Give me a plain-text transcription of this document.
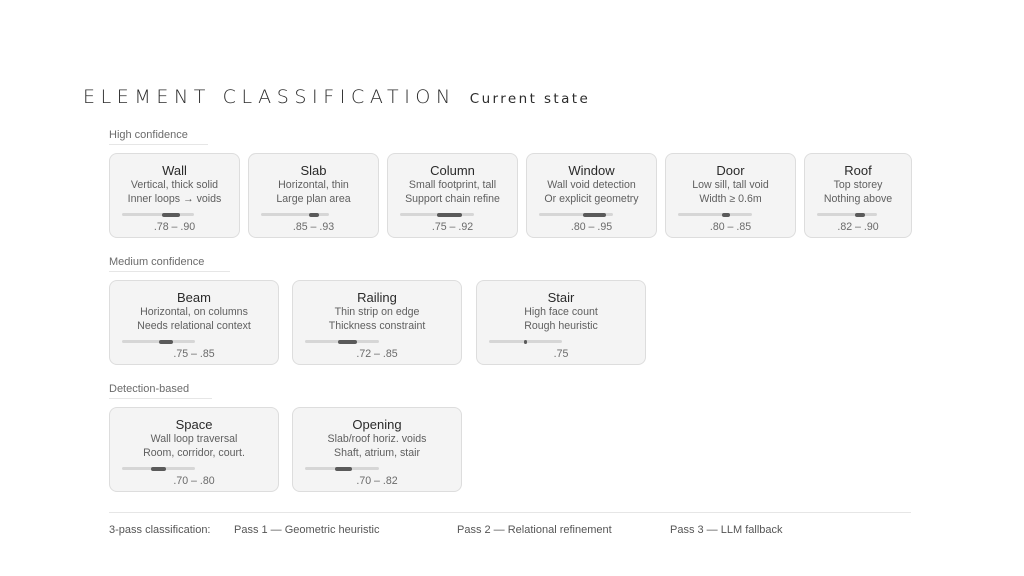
ELEMENT CLASSIFICATION Current state
High confidence
Wall
Vertical, thick solid
Inner loops → voids
.78 – .90
Slab
Horizontal, thin
Large plan area
.85 – .93
Column
Small footprint, tall
Support chain refine
.75 – .92
Window
Wall void detection
Or explicit geometry
.80 – .95
Door
Low sill, tall void
Width ≥ 0.6m
.80 – .85
Roof
Top storey
Nothing above
.82 – .90
Medium confidence
Beam
Horizontal, on columns
Needs relational context
.75 – .85
Railing
Thin strip on edge
Thickness constraint
.72 – .85
Stair
High face count
Rough heuristic
.75
Detection-based
Space
Wall loop traversal
Room, corridor, court.
.70 – .80
Opening
Slab/roof horiz. voids
Shaft, atrium, stair
.70 – .82
3-pass classification: Pass 1 — Geometric heuristic	Pass 2 — Relational refinement	Pass 3 — LLM fallback
